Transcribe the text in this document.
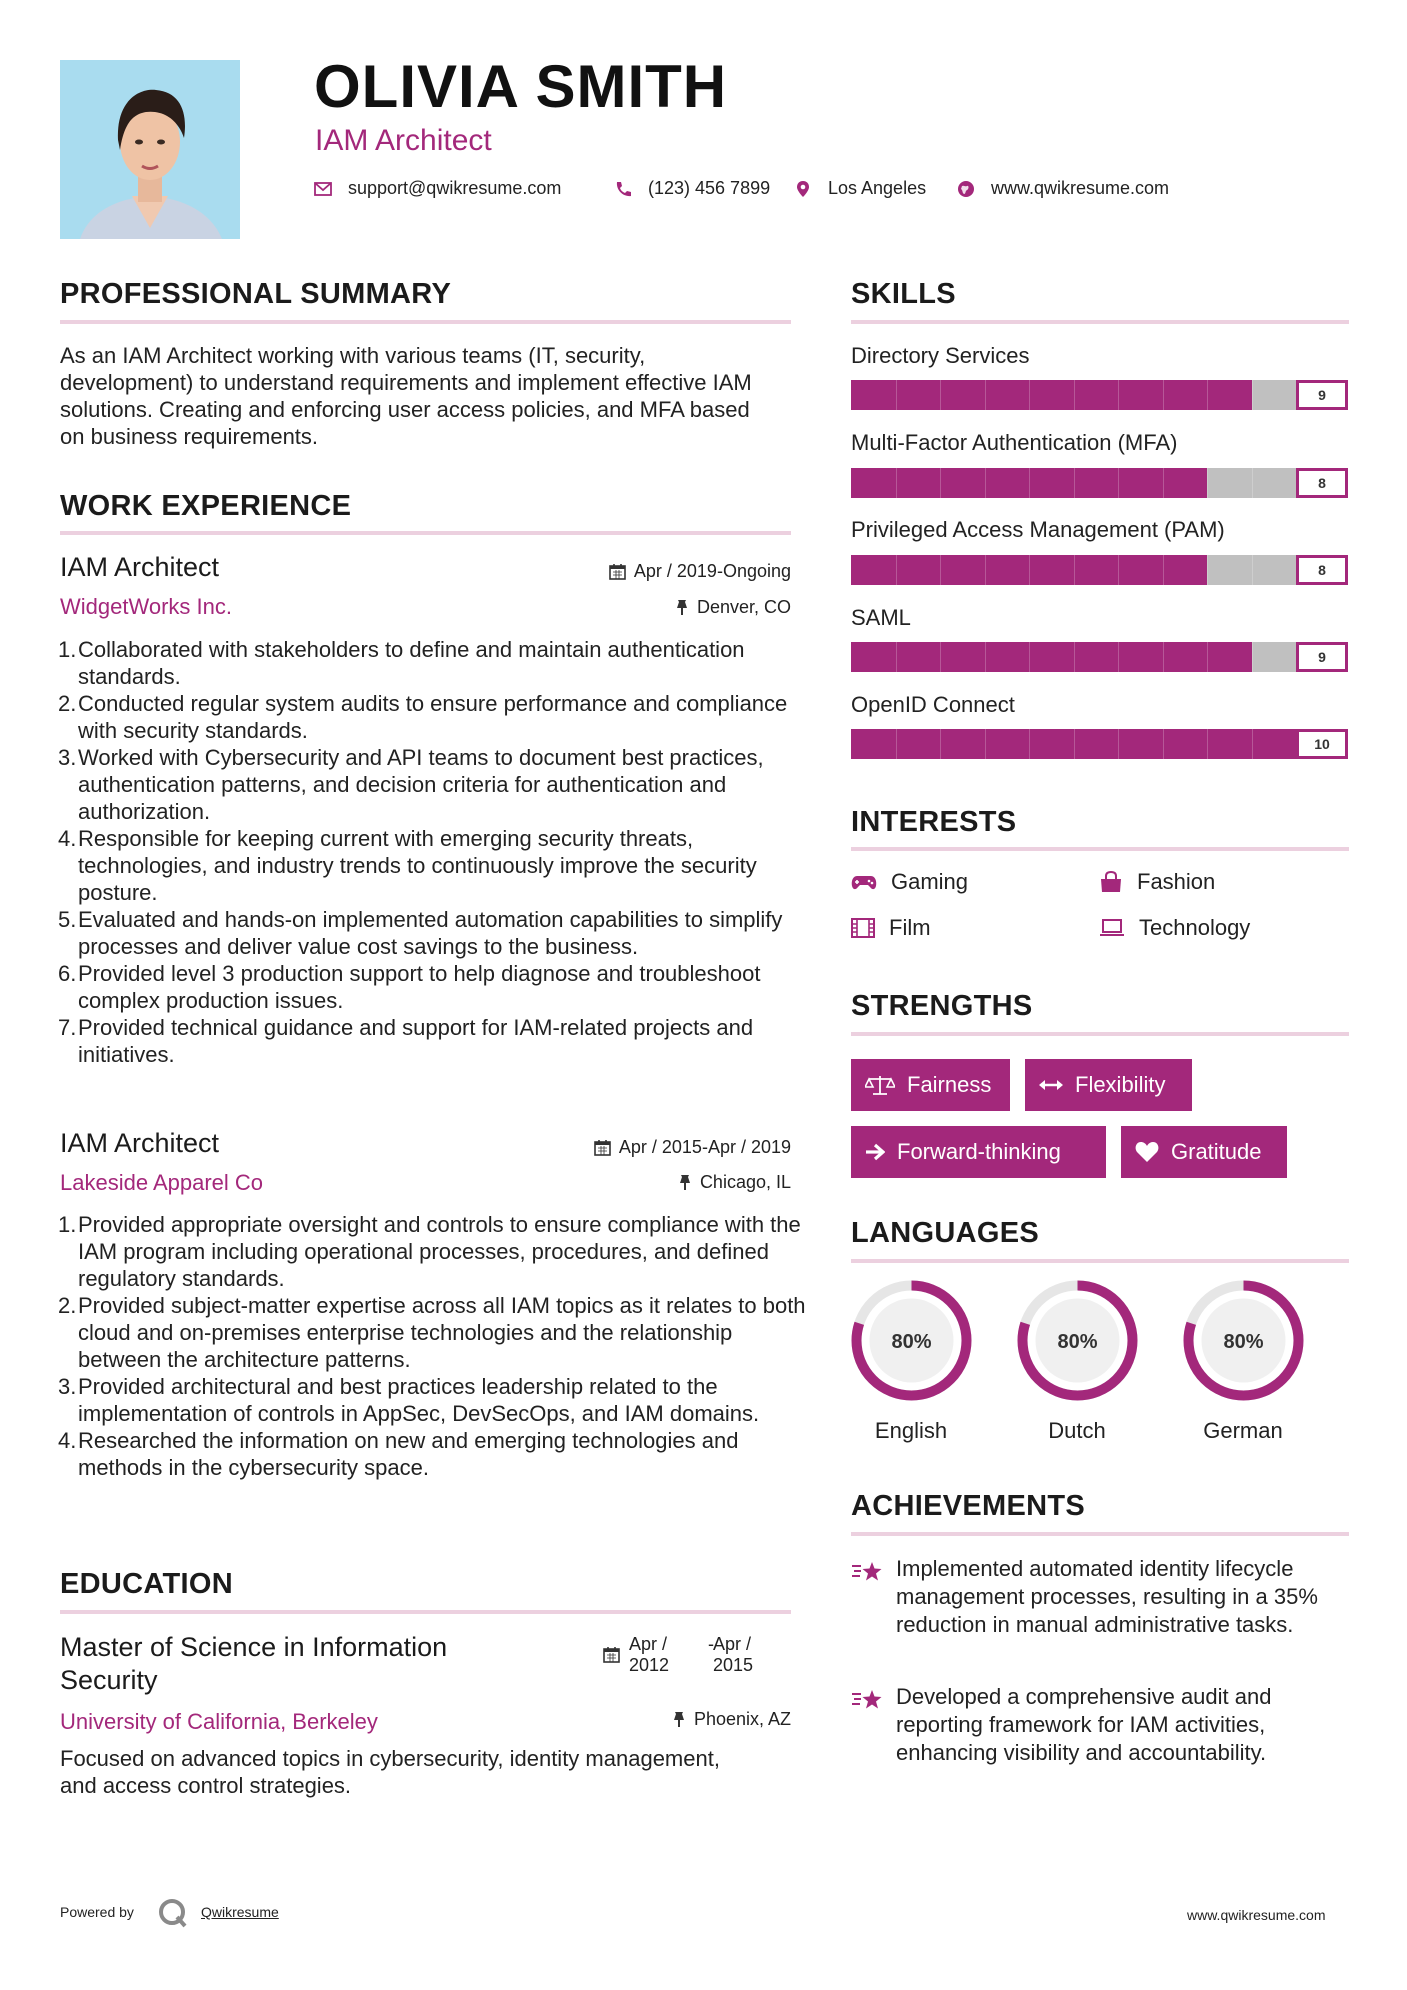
OLIVIA SMITH
IAM Architect
support@qwikresume.com	(123) 456 7899	Los Angeles	www.qwikresume.com
PROFESSIONAL SUMMARY
As an IAM Architect working with various teams (IT, security, development) to understand requirements and implement effective IAM solutions. Creating and enforcing user access policies, and MFA based on business requirements.
WORK EXPERIENCE
IAM Architect	Apr / 2019-Ongoing
WidgetWorks Inc.	Denver, CO
1. Collaborated with stakeholders to define and maintain authentication standards.
2. Conducted regular system audits to ensure performance and compliance with security standards.
3. Worked with Cybersecurity and API teams to document best practices, authentication patterns, and decision criteria for authentication and authorization.
4. Responsible for keeping current with emerging security threats, technologies, and industry trends to continuously improve the security posture.
5. Evaluated and hands-on implemented automation capabilities to simplify processes and deliver value cost savings to the business.
6. Provided level 3 production support to help diagnose and troubleshoot complex production issues.
7. Provided technical guidance and support for IAM-related projects and initiatives.
IAM Architect	Apr / 2015-Apr / 2019
Lakeside Apparel Co	Chicago, IL
1. Provided appropriate oversight and controls to ensure compliance with the IAM program including operational processes, procedures, and defined regulatory standards.
2. Provided subject-matter expertise across all IAM topics as it relates to both cloud and on-premises enterprise technologies and the relationship between the architecture patterns.
3. Provided architectural and best practices leadership related to the implementation of controls in AppSec, DevSecOps, and IAM domains.
4. Researched the information on new and emerging technologies and methods in the cybersecurity space.
EDUCATION
Master of Science in Information
Security
Apr /
2012
- Apr /
2015
University of California, Berkeley	Phoenix, AZ
Focused on advanced topics in cybersecurity, identity management, and access control strategies.
SKILLS
Directory Services
9
Multi-Factor Authentication (MFA)
8
Privileged Access Management (PAM)
8
SAML
9
OpenID Connect
10
INTERESTS
Gaming	Fashion
Film	Technology
STRENGTHS
Fairness	Flexibility
Forward-thinking	Gratitude
LANGUAGES
80%	80%	80%
English	Dutch	German
ACHIEVEMENTS
Implemented automated identity lifecycle management processes, resulting in a 35% reduction in manual administrative tasks.
Developed a comprehensive audit and reporting framework for IAM activities, enhancing visibility and accountability.
Powered by	Qwikresume	www.qwikresume.com
